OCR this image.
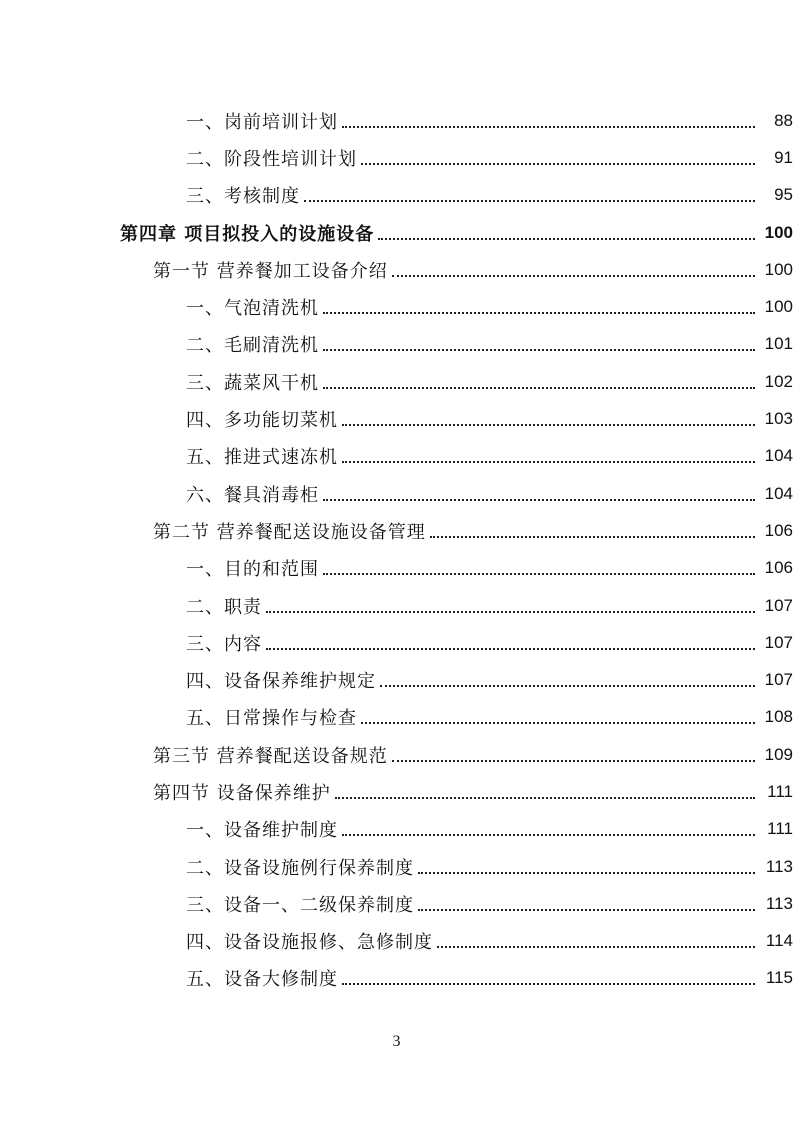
一、岗前培训计划	88
二、阶段性培训计划	91
三、考核制度	95
第四章 项目拟投入的设施设备	100
第一节 营养餐加工设备介绍	100
一、气泡清洗机	100
二、毛刷清洗机	101
三、蔬菜风干机	102
四、多功能切菜机	103
五、推进式速冻机	104
六、餐具消毒柜	104
第二节 营养餐配送设施设备管理	106
一、目的和范围	106
二、职责	107
三、内容	107
四、设备保养维护规定	107
五、日常操作与检查	108
第三节 营养餐配送设备规范	109
第四节 设备保养维护	111
一、设备维护制度	111
二、设备设施例行保养制度	113
三、设备一、二级保养制度	113
四、设备设施报修、急修制度	114
五、设备大修制度	115
3
